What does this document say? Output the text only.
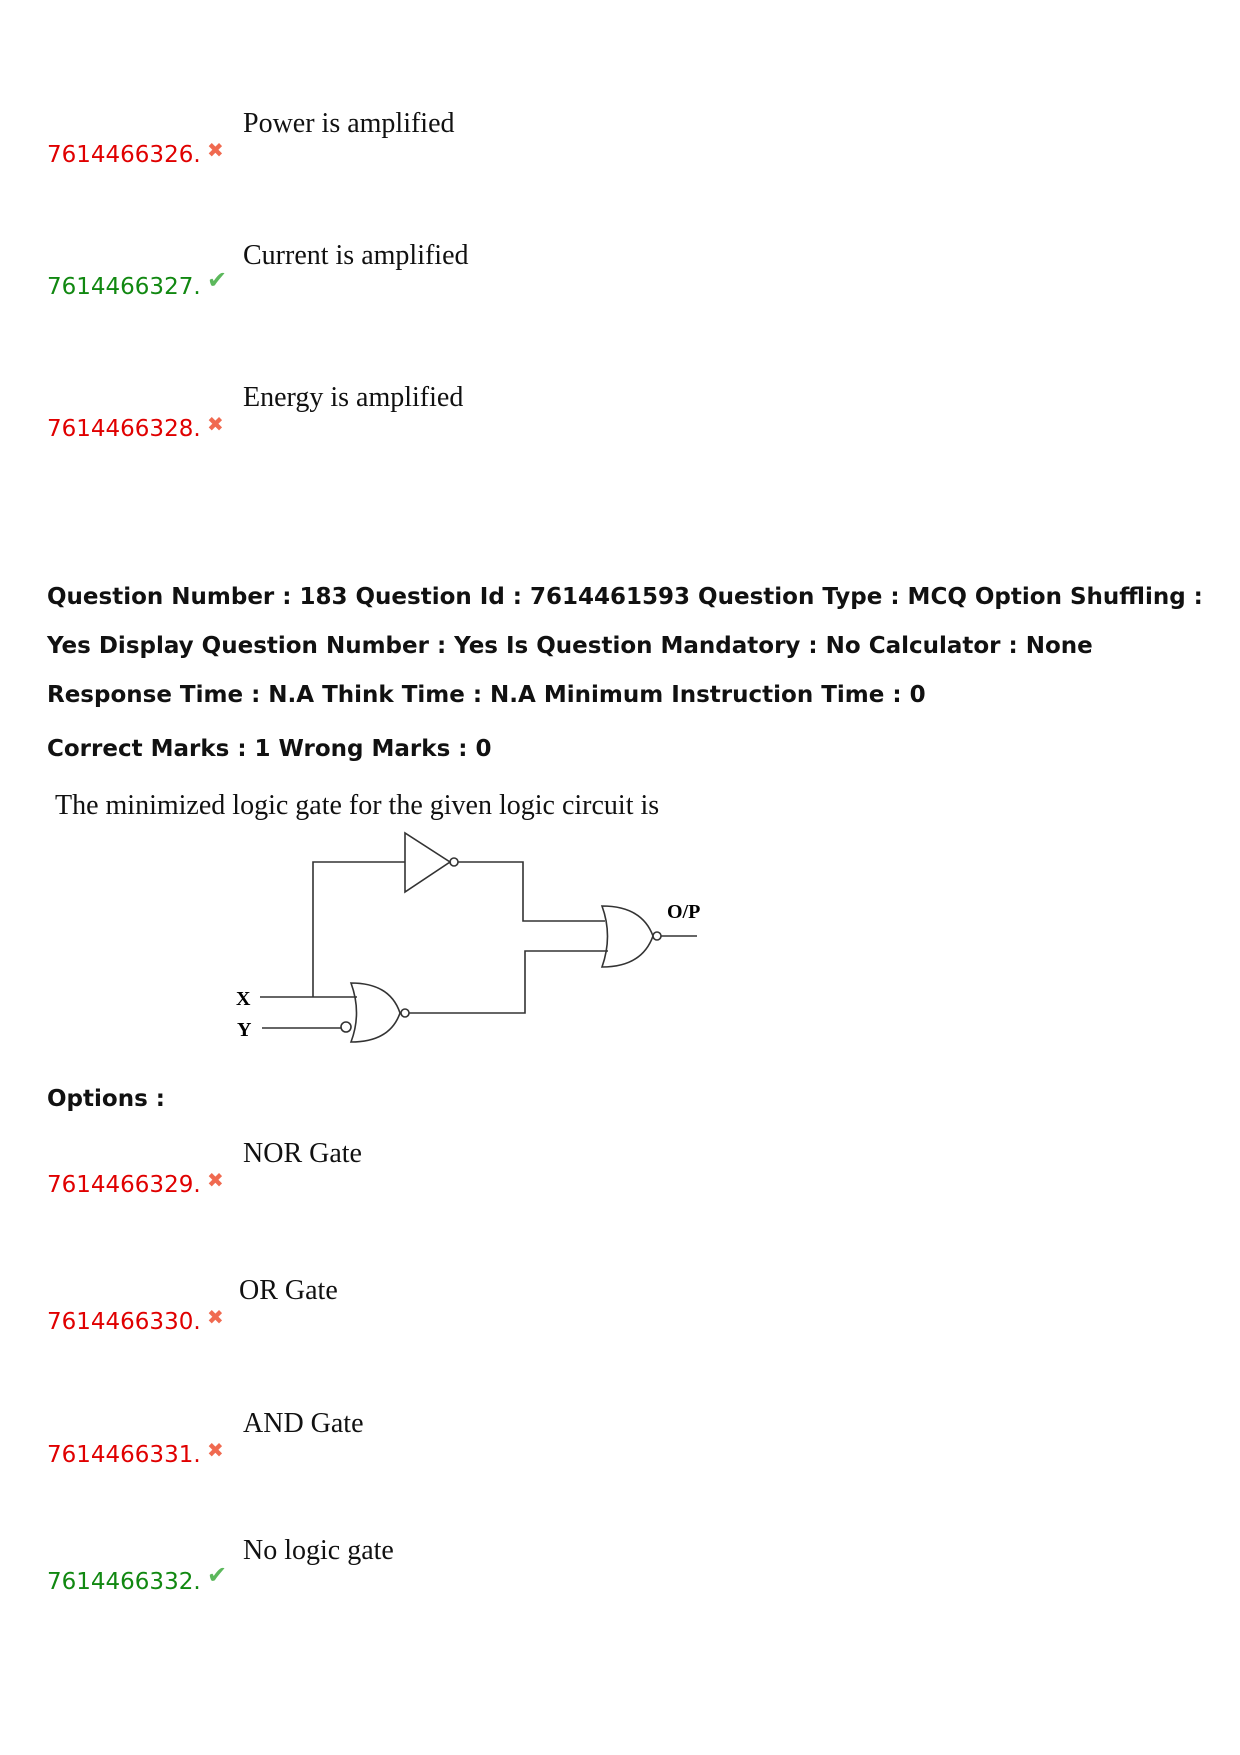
7614466326. ✖
Power is amplified
7614466327. ✔
Current is amplified
7614466328. ✖
Energy is amplified
Question Number : 183 Question Id : 7614461593 Question Type : MCQ Option Shuffling : Yes Display Question Number : Yes Is Question Mandatory : No Calculator : None Response Time : N.A Think Time : N.A Minimum Instruction Time : 0
Correct Marks : 1 Wrong Marks : 0
The minimized logic gate for the given logic circuit is
X
Y
O/P
Options :
7614466329. ✖
NOR Gate
7614466330. ✖
OR Gate
7614466331. ✖
AND Gate
7614466332. ✔
No logic gate
